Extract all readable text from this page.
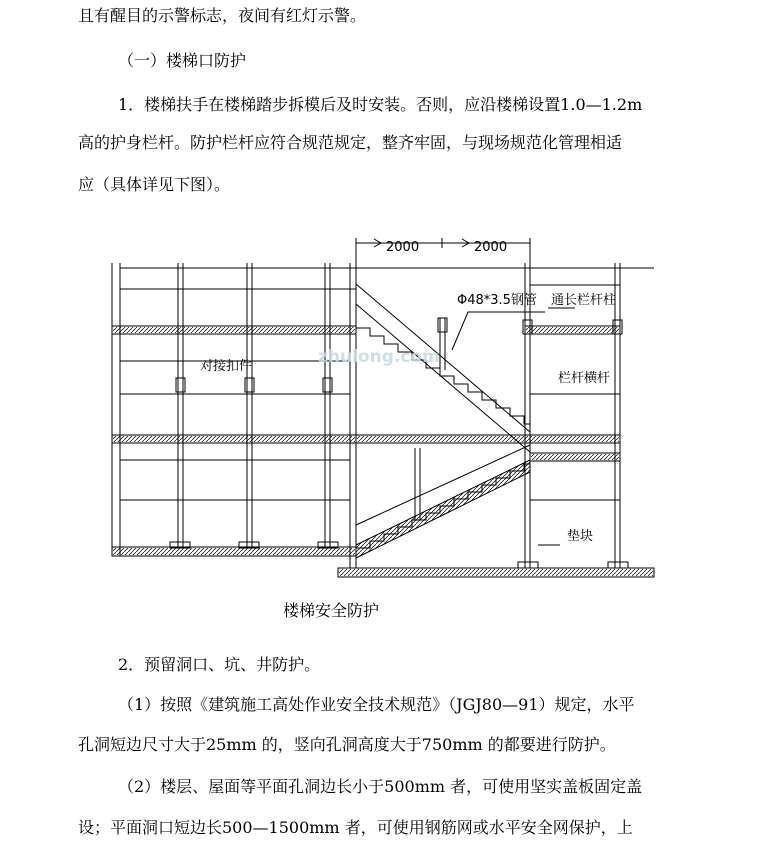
且有醒目的示警标志，夜间有红灯示警。
（一）楼梯口防护
1．楼梯扶手在楼梯踏步拆模后及时安装。否则，应沿楼梯设置1.0—1.2m
高的护身栏杆。防护栏杆应符合规范规定，整齐牢固，与现场规范化管理相适
应（具体详见下图）。
2000	2000
Φ48*3.5钢管 通长栏杆柱
对接扣件
栏杆横杆
垫块
zhulong.com
楼梯安全防护
2．预留洞口、坑、井防护。
（1）按照《建筑施工高处作业安全技术规范》（JGJ80—91）规定，水平
孔洞短边尺寸大于25mm 的，竖向孔洞高度大于750mm 的都要进行防护。
（2）楼层、屋面等平面孔洞边长小于500mm 者，可使用坚实盖板固定盖
设；平面洞口短边长500—1500mm 者，可使用钢筋网或水平安全网保护，上
